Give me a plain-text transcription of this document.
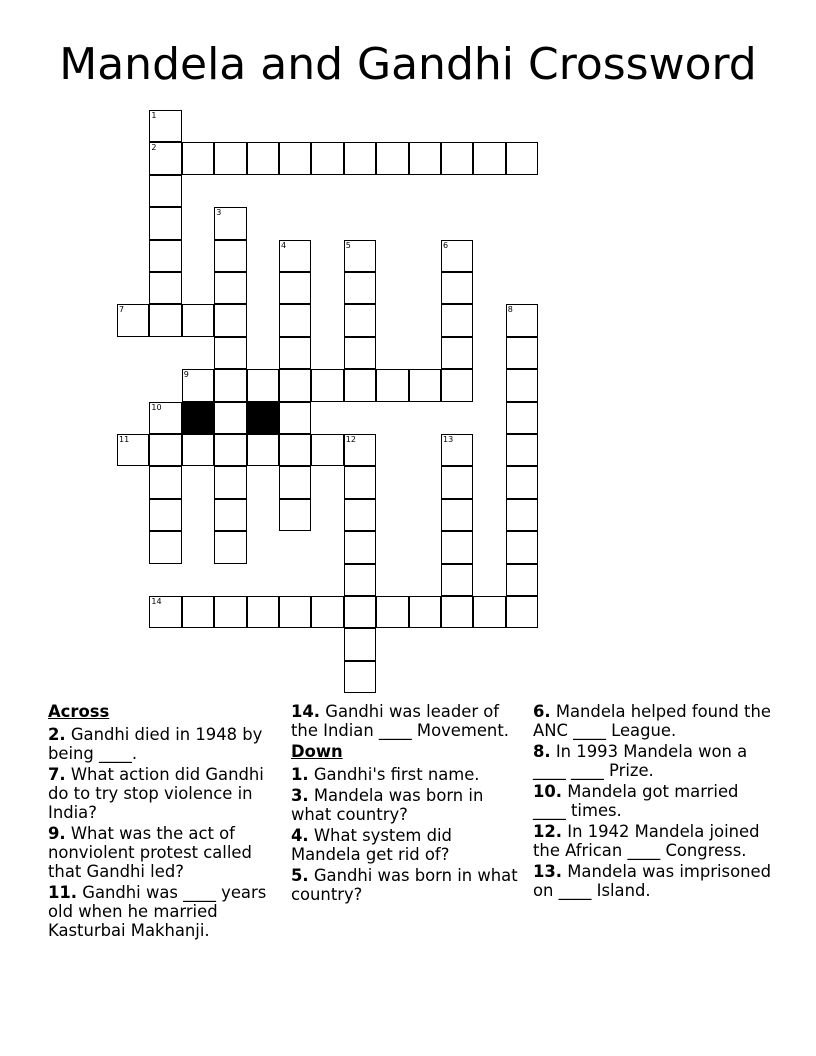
Mandela and Gandhi Crossword
1
2
3
4	5	6
7	8
9
10
11	12	13
14
Across
2. Gandhi died in 1948 by being ____.
7. What action did Gandhi do to try stop violence in India?
9. What was the act of nonviolent protest called that Gandhi led?
11. Gandhi was ____ years old when he married Kasturbai Makhanji.
14. Gandhi was leader of the Indian ____ Movement.
Down
1. Gandhi's first name.
3. Mandela was born in what country?
4. What system did Mandela get rid of?
5. Gandhi was born in what country?
6. Mandela helped found the ANC ____ League.
8. In 1993 Mandela won a ____ ____ Prize.
10. Mandela got married ____ times.
12. In 1942 Mandela joined the African ____ Congress.
13. Mandela was imprisoned on ____ Island.
